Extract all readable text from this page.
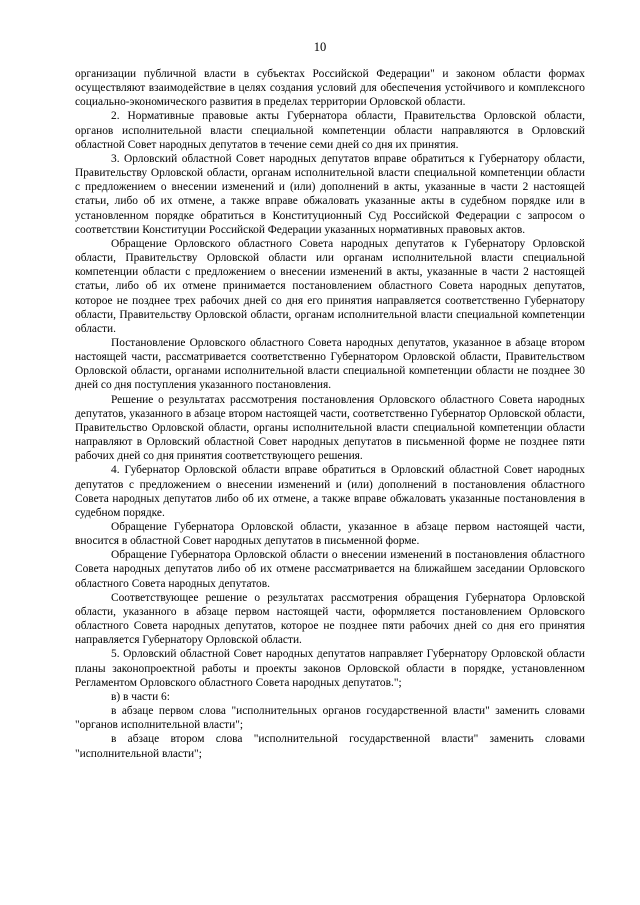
10

организации публичной власти в субъектах Российской Федерации" и законом области формах осуществляют взаимодействие в целях создания условий для обеспечения устойчивого и комплексного социально-экономического развития в пределах территории Орловской области.

2. Нормативные правовые акты Губернатора области, Правительства Орловской области, органов исполнительной власти специальной компетенции области направляются в Орловский областной Совет народных депутатов в течение семи дней со дня их принятия.

3. Орловский областной Совет народных депутатов вправе обратиться к Губернатору области, Правительству Орловской области, органам исполнительной власти специальной компетенции области с предложением о внесении изменений и (или) дополнений в акты, указанные в части 2 настоящей статьи, либо об их отмене, а также вправе обжаловать указанные акты в судебном порядке или в установленном порядке обратиться в Конституционный Суд Российской Федерации с запросом о соответствии Конституции Российской Федерации указанных нормативных правовых актов.

Обращение Орловского областного Совета народных депутатов к Губернатору Орловской области, Правительству Орловской области или органам исполнительной власти специальной компетенции области с предложением о внесении изменений в акты, указанные в части 2 настоящей статьи, либо об их отмене принимается постановлением областного Совета народных депутатов, которое не позднее трех рабочих дней со дня его принятия направляется соответственно Губернатору области, Правительству Орловской области, органам исполнительной власти специальной компетенции области.

Постановление Орловского областного Совета народных депутатов, указанное в абзаце втором настоящей части, рассматривается соответственно Губернатором Орловской области, Правительством Орловской области, органами исполнительной власти специальной компетенции области не позднее 30 дней со дня поступления указанного постановления.

Решение о результатах рассмотрения постановления Орловского областного Совета народных депутатов, указанного в абзаце втором настоящей части, соответственно Губернатор Орловской области, Правительство Орловской области, органы исполнительной власти специальной компетенции области направляют в Орловский областной Совет народных депутатов в письменной форме не позднее пяти рабочих дней со дня принятия соответствующего решения.

4. Губернатор Орловской области вправе обратиться в Орловский областной Совет народных депутатов с предложением о внесении изменений и (или) дополнений в постановления областного Совета народных депутатов либо об их отмене, а также вправе обжаловать указанные постановления в судебном порядке.

Обращение Губернатора Орловской области, указанное в абзаце первом настоящей части, вносится в областной Совет народных депутатов в письменной форме.

Обращение Губернатора Орловской области о внесении изменений в постановления областного Совета народных депутатов либо об их отмене рассматривается на ближайшем заседании Орловского областного Совета народных депутатов.

Соответствующее решение о результатах рассмотрения обращения Губернатора Орловской области, указанного в абзаце первом настоящей части, оформляется постановлением Орловского областного Совета народных депутатов, которое не позднее пяти рабочих дней со дня его принятия направляется Губернатору Орловской области.

5. Орловский областной Совет народных депутатов направляет Губернатору Орловской области планы законопроектной работы и проекты законов Орловской области в порядке, установленном Регламентом Орловского областного Совета народных депутатов.";

в) в части 6:

в абзаце первом слова "исполнительных органов государственной власти" заменить словами "органов исполнительной власти";

в абзаце втором слова "исполнительной государственной власти" заменить словами "исполнительной власти";
